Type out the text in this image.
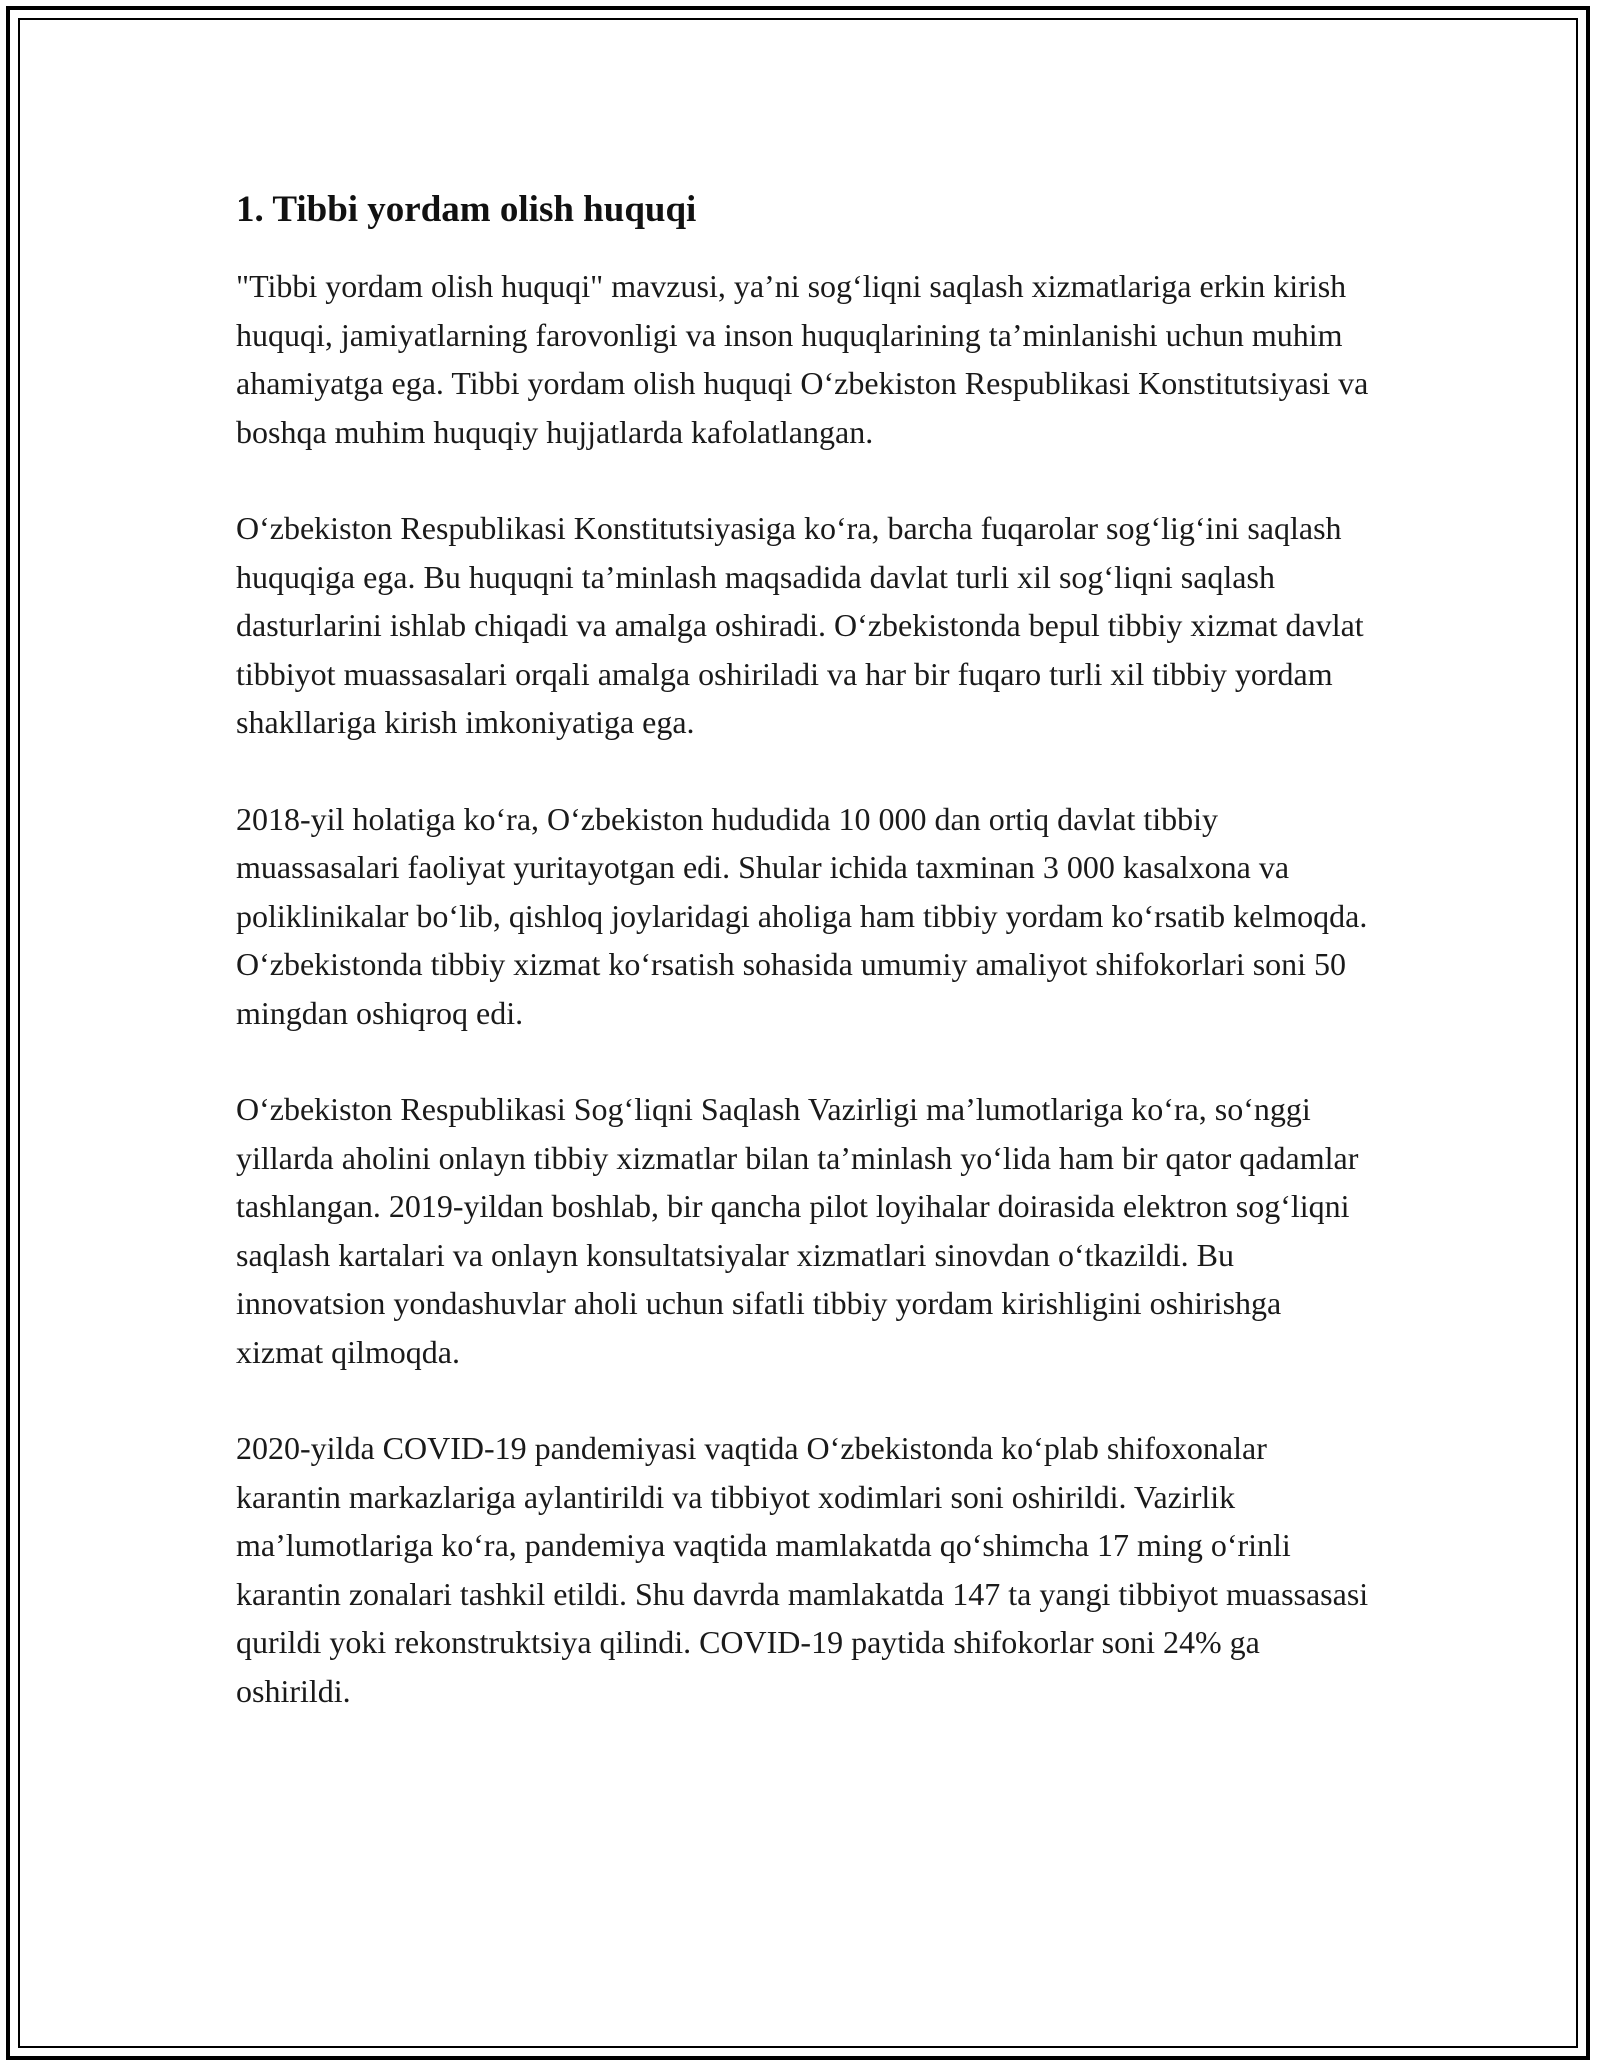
1. Tibbi yordam olish huquqi

"Tibbi yordam olish huquqi" mavzusi, ya’ni sog‘liqni saqlash xizmatlariga erkin kirish huquqi, jamiyatlarning farovonligi va inson huquqlarining ta’minlanishi uchun muhim ahamiyatga ega. Tibbi yordam olish huquqi O‘zbekiston Respublikasi Konstitutsiyasi va boshqa muhim huquqiy hujjatlarda kafolatlangan.

O‘zbekiston Respublikasi Konstitutsiyasiga ko‘ra, barcha fuqarolar sog‘lig‘ini saqlash huquqiga ega. Bu huquqni ta’minlash maqsadida davlat turli xil sog‘liqni saqlash dasturlarini ishlab chiqadi va amalga oshiradi. O‘zbekistonda bepul tibbiy xizmat davlat tibbiyot muassasalari orqali amalga oshiriladi va har bir fuqaro turli xil tibbiy yordam shakllariga kirish imkoniyatiga ega.

2018-yil holatiga ko‘ra, O‘zbekiston hududida 10 000 dan ortiq davlat tibbiy muassasalari faoliyat yuritayotgan edi. Shular ichida taxminan 3 000 kasalxona va poliklinikalar bo‘lib, qishloq joylaridagi aholiga ham tibbiy yordam ko‘rsatib kelmoqda. O‘zbekistonda tibbiy xizmat ko‘rsatish sohasida umumiy amaliyot shifokorlari soni 50 mingdan oshiqroq edi.

O‘zbekiston Respublikasi Sog‘liqni Saqlash Vazirligi ma’lumotlariga ko‘ra, so‘nggi yillarda aholini onlayn tibbiy xizmatlar bilan ta’minlash yo‘lida ham bir qator qadamlar tashlangan. 2019-yildan boshlab, bir qancha pilot loyihalar doirasida elektron sog‘liqni saqlash kartalari va onlayn konsultatsiyalar xizmatlari sinovdan o‘tkazildi. Bu innovatsion yondashuvlar aholi uchun sifatli tibbiy yordam kirishligini oshirishga xizmat qilmoqda.

2020-yilda COVID-19 pandemiyasi vaqtida O‘zbekistonda ko‘plab shifoxonalar karantin markazlariga aylantirildi va tibbiyot xodimlari soni oshirildi. Vazirlik ma’lumotlariga ko‘ra, pandemiya vaqtida mamlakatda qo‘shimcha 17 ming o‘rinli karantin zonalari tashkil etildi. Shu davrda mamlakatda 147 ta yangi tibbiyot muassasasi qurildi yoki rekonstruktsiya qilindi. COVID-19 paytida shifokorlar soni 24% ga oshirildi.
